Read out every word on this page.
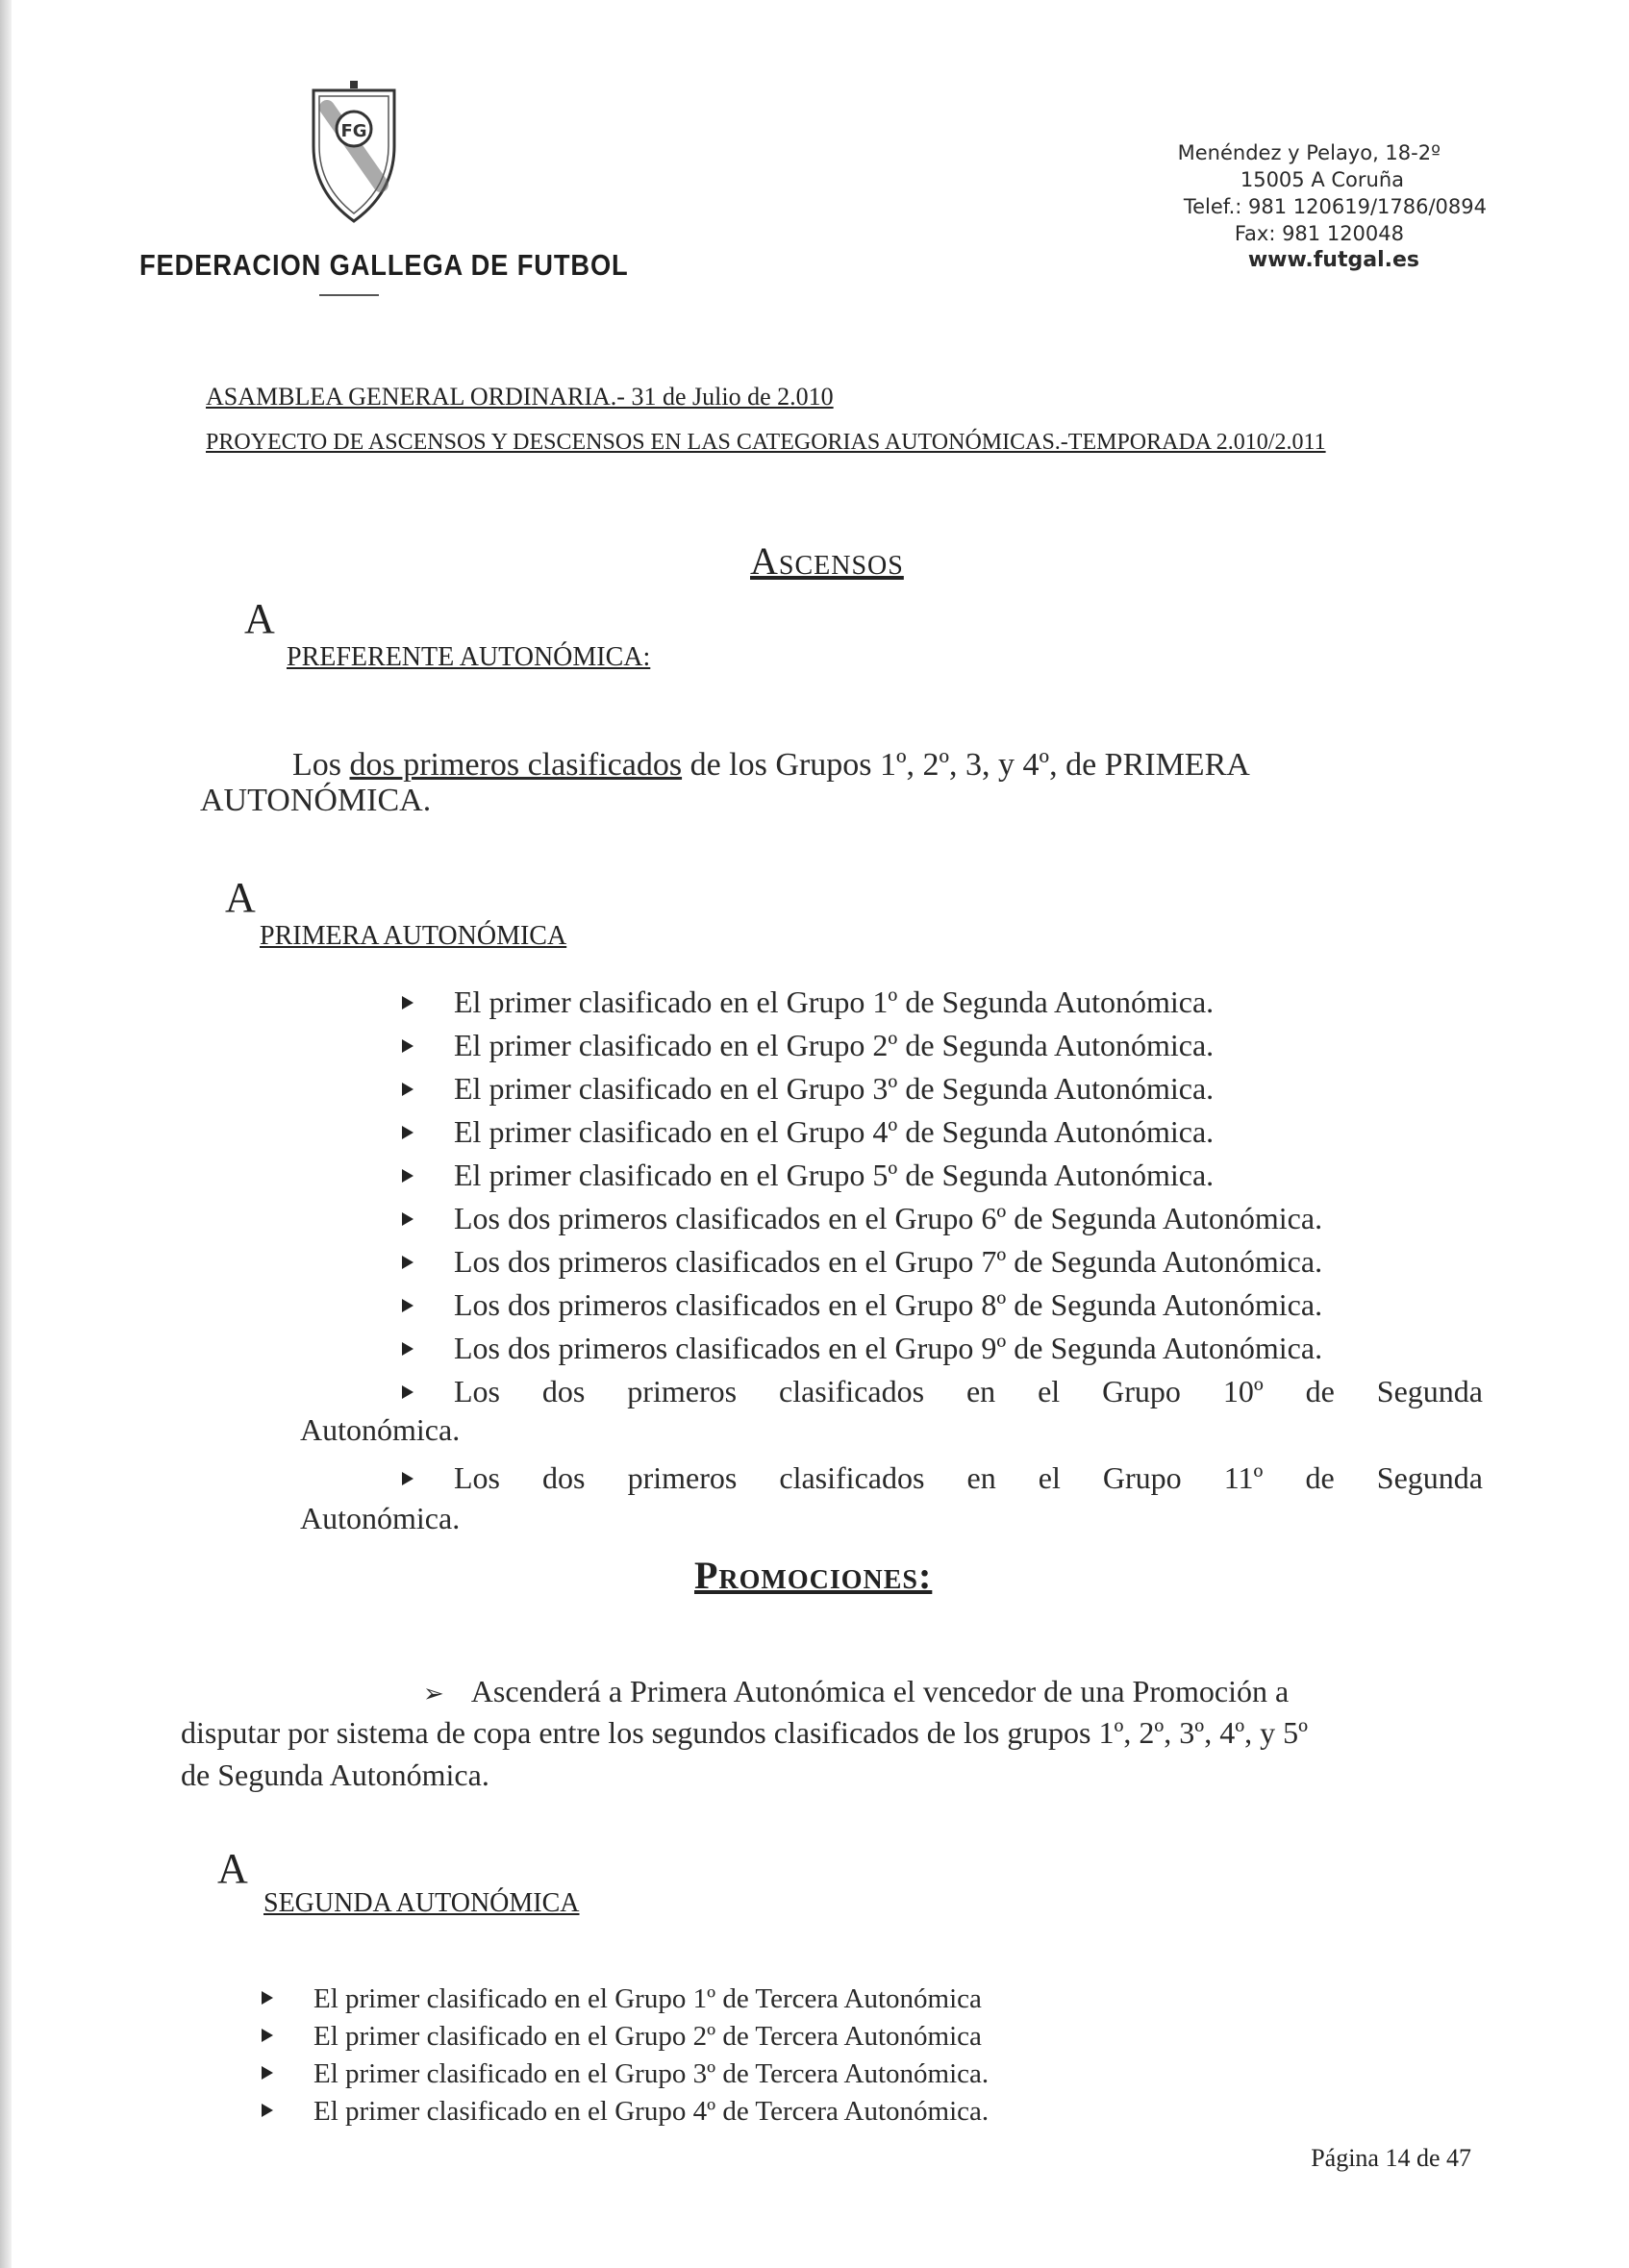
FG
FEDERACION GALLEGA DE FUTBOL
Menéndez y Pelayo, 18-2º
15005 A Coruña
Telef.: 981 120619/1786/0894
Fax: 981 120048
www.futgal.es
ASAMBLEA GENERAL ORDINARIA.- 31 de Julio de 2.010
PROYECTO DE ASCENSOS Y DESCENSOS EN LAS CATEGORIAS AUTONÓMICAS.-TEMPORADA 2.010/2.011
Ascensos
A
PREFERENTE AUTONÓMICA:
Los dos primeros clasificados de los Grupos 1º, 2º, 3, y 4º, de PRIMERA
AUTONÓMICA.
A
PRIMERA AUTONÓMICA
El primer clasificado en el Grupo 1º de Segunda Autonómica.
El primer clasificado en el Grupo 2º de Segunda Autonómica.
El primer clasificado en el Grupo 3º de Segunda Autonómica.
El primer clasificado en el Grupo 4º de Segunda Autonómica.
El primer clasificado en el Grupo 5º de Segunda Autonómica.
Los dos primeros clasificados en el Grupo 6º de Segunda Autonómica.
Los dos primeros clasificados en el Grupo 7º de Segunda Autonómica.
Los dos primeros clasificados en el Grupo 8º de Segunda Autonómica.
Los dos primeros clasificados en el Grupo 9º de Segunda Autonómica.
Los dos primeros clasificados en el Grupo 10º de Segunda
Autonómica.
Los dos primeros clasificados en el Grupo 11º de Segunda
Autonómica.
Promociones:
➢ Ascenderá a Primera Autonómica el vencedor de una Promoción a
disputar por sistema de copa entre los segundos clasificados de los grupos 1º, 2º, 3º, 4º, y 5º
de Segunda Autonómica.
A
SEGUNDA AUTONÓMICA
El primer clasificado en el Grupo 1º de Tercera Autonómica
El primer clasificado en el Grupo 2º de Tercera Autonómica
El primer clasificado en el Grupo 3º de Tercera Autonómica.
El primer clasificado en el Grupo 4º de Tercera Autonómica.
Página 14 de 47
